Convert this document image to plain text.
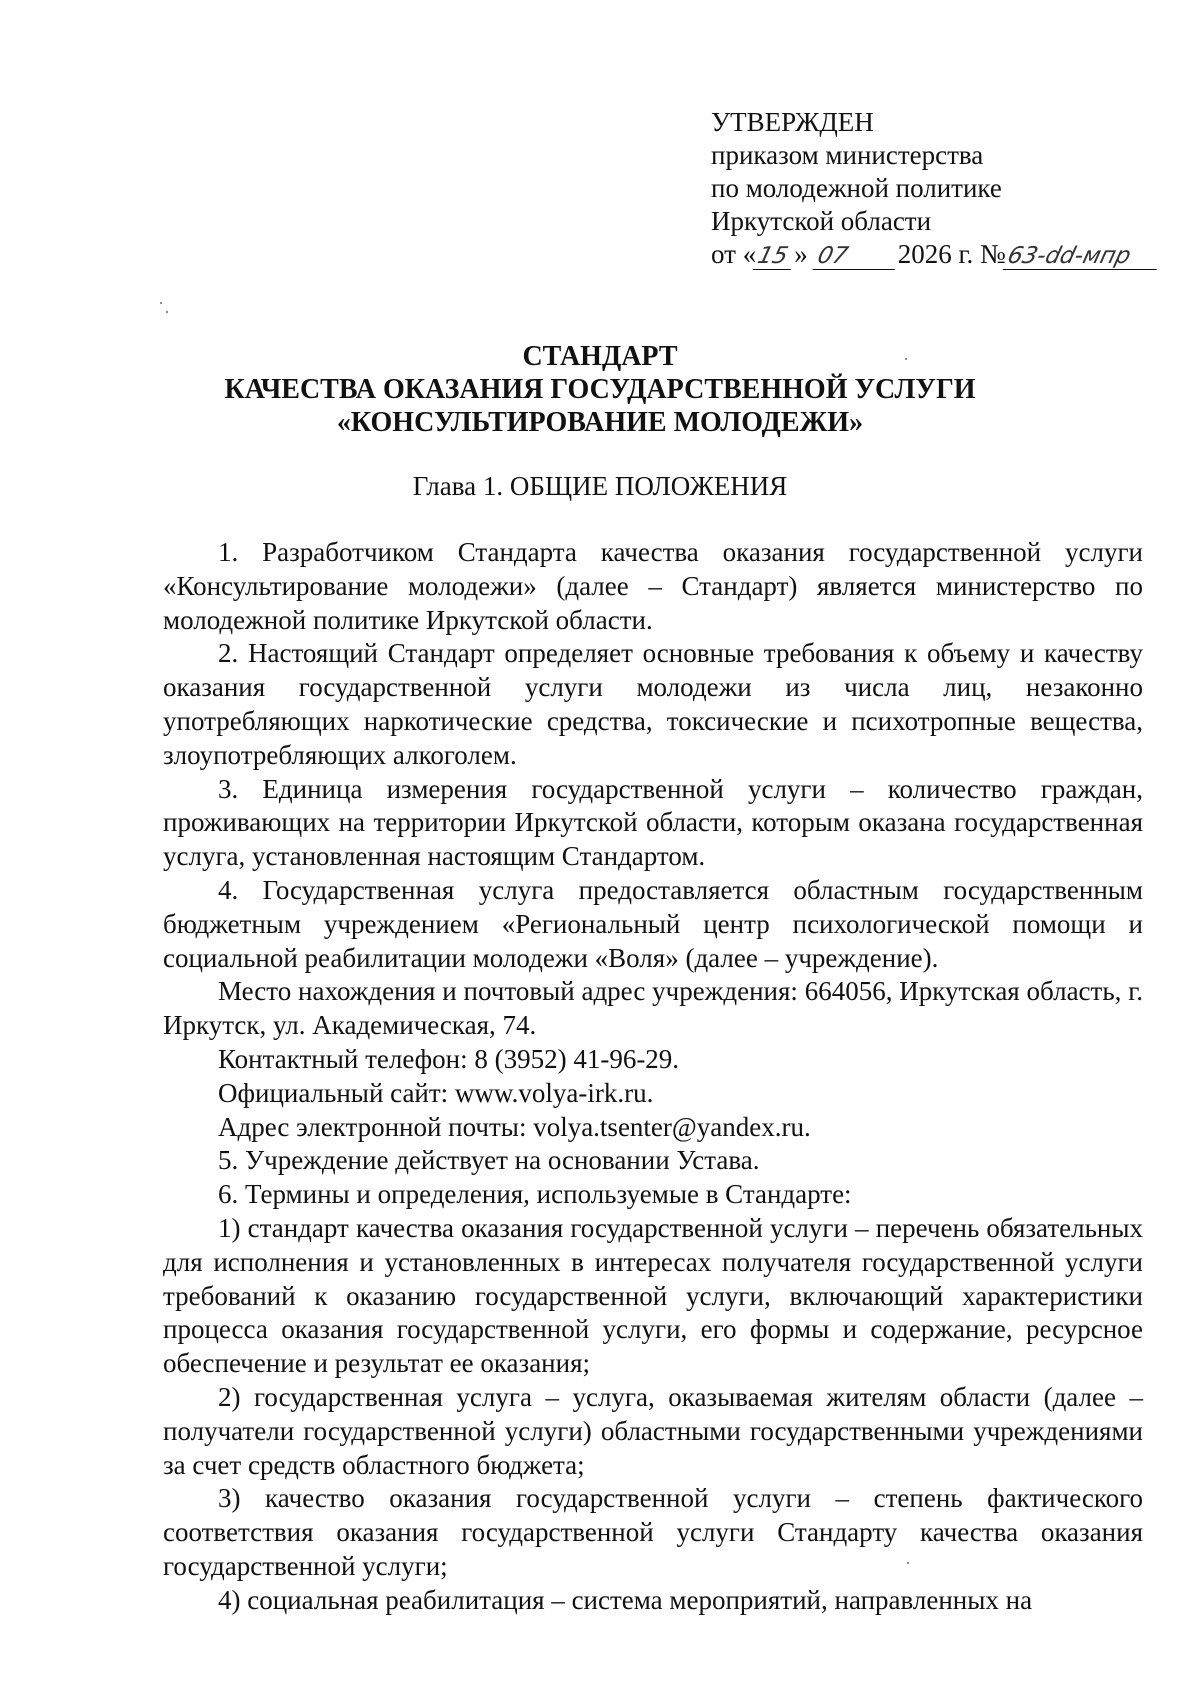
УТВЕРЖДЕН
приказом министерства
по молодежной политике
Иркутской области
от «15 » 07 2026 г. №63-dd-мпр
СТАНДАРТ
КАЧЕСТВА ОКАЗАНИЯ ГОСУДАРСТВЕННОЙ УСЛУГИ
«КОНСУЛЬТИРОВАНИЕ МОЛОДЕЖИ»
Глава 1. ОБЩИЕ ПОЛОЖЕНИЯ

1. Разработчиком Стандарта качества оказания государственной услуги «Консультирование молодежи» (далее – Стандарт) является министерство по молодежной политике Иркутской области.

2. Настоящий Стандарт определяет основные требования к объему и качеству оказания государственной услуги молодежи из числа лиц, незаконно употребляющих наркотические средства, токсические и психотропные вещества, злоупотребляющих алкоголем.

3. Единица измерения государственной услуги – количество граждан, проживающих на территории Иркутской области, которым оказана государственная услуга, установленная настоящим Стандартом.

4. Государственная услуга предоставляется областным государственным бюджетным учреждением «Региональный центр психологической помощи и социальной реабилитации молодежи «Воля» (далее – учреждение).

Место нахождения и почтовый адрес учреждения: 664056, Иркутская область, г. Иркутск, ул. Академическая, 74.

Контактный телефон: 8 (3952) 41-96-29.

Официальный сайт: www.volya-irk.ru.

Адрес электронной почты: volya.tsenter@yandex.ru.

5. Учреждение действует на основании Устава.

6. Термины и определения, используемые в Стандарте:

1) стандарт качества оказания государственной услуги – перечень обязательных для исполнения и установленных в интересах получателя государственной услуги требований к оказанию государственной услуги, включающий характеристики процесса оказания государственной услуги, его формы и содержание, ресурсное обеспечение и результат ее оказания;

2) государственная услуга – услуга, оказываемая жителям области (далее – получатели государственной услуги) областными государственными учреждениями за счет средств областного бюджета;

3) качество оказания государственной услуги – степень фактического соответствия оказания государственной услуги Стандарту качества оказания государственной услуги;

4) социальная реабилитация – система мероприятий, направленных на
